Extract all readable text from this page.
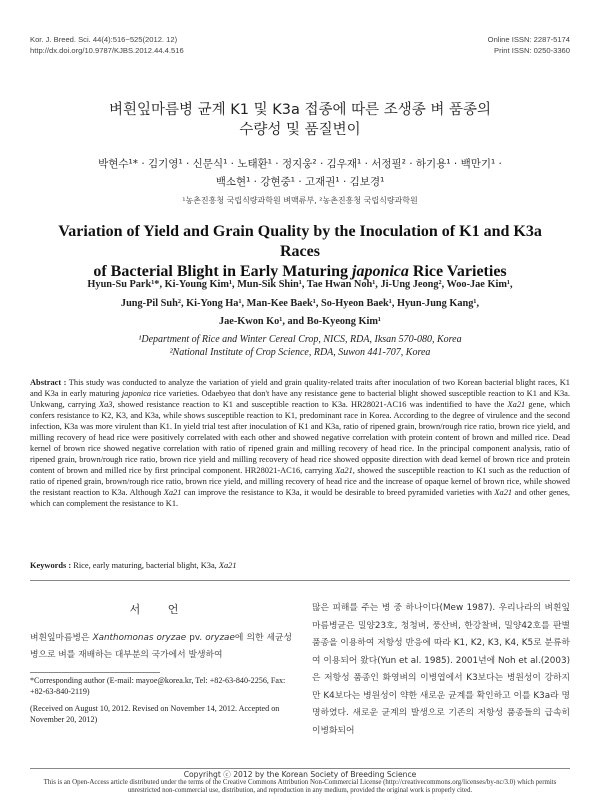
Kor. J. Breed. Sci. 44(4):516~525(2012. 12)
http://dx.doi.org/10.9787/KJBS.2012.44.4.516
Online ISSN: 2287-5174
Print ISSN: 0250-3360
벼흰잎마름병 균계 K1 및 K3a 접종에 따른 조생종 벼 품종의
수량성 및 품질변이
박현수¹* · 김기영¹ · 신문식¹ · 노태환¹ · 정지웅² · 김우재¹ · 서정필² · 하기용¹ · 백만기¹ ·
백소현¹ · 강현중¹ · 고재권¹ · 김보경¹
¹농촌진흥청 국립식량과학원 벼맥류부, ²농촌진흥청 국립식량과학원
Variation of Yield and Grain Quality by the Inoculation of K1 and K3a Races
of Bacterial Blight in Early Maturing japonica Rice Varieties
Hyun-Su Park¹*, Ki-Young Kim¹, Mun-Sik Shin¹, Tae Hwan Noh¹, Ji-Ung Jeong², Woo-Jae Kim¹,
Jung-Pil Suh², Ki-Yong Ha¹, Man-Kee Baek¹, So-Hyeon Baek¹, Hyun-Jung Kang¹,
Jae-Kwon Ko¹, and Bo-Kyeong Kim¹
¹Department of Rice and Winter Cereal Crop, NICS, RDA, Iksan 570-080, Korea
²National Institute of Crop Science, RDA, Suwon 441-707, Korea
Abstract : This study was conducted to analyze the variation of yield and grain quality-related traits after inoculation of two Korean bacterial blight races, K1 and K3a in early maturing japonica rice varieties. Odaebyeo that don't have any resistance gene to bacterial blight showed susceptible reaction to K1 and K3a. Unkwang, carrying Xa3, showed resistance reaction to K1 and susceptible reaction to K3a. HR28021-AC16 was indentified to have the Xa21 gene, which confers resistance to K2, K3, and K3a, while shows susceptible reaction to K1, predominant race in Korea. According to the degree of virulence and the second infection, K3a was more virulent than K1. In yield trial test after inoculation of K1 and K3a, ratio of ripened grain, brown/rough rice ratio, brown rice yield, and milling recovery of head rice were positively correlated with each other and showed negative correlation with protein content of brown and milled rice. Dead kernel of brown rice showed negative correlation with ratio of ripened grain and milling recovery of head rice. In the principal component analysis, ratio of ripened grain, brown/rough rice ratio, brown rice yield and milling recovery of head rice showed opposite direction with dead kernel of brown rice and protein content of brown and milled rice by first principal component. HR28021-AC16, carrying Xa21, showed the susceptible reaction to K1 such as the reduction of ratio of ripened grain, brown/rough rice ratio, brown rice yield, and milling recovery of head rice and the increase of opaque kernel of brown rice, while showed the resistant reaction to K3a. Although Xa21 can improve the resistance to K3a, it would be desirable to breed pyramided varieties with Xa21 and other genes, which can complement the resistance to K1.
Keywords : Rice, early maturing, bacterial blight, K3a, Xa21
서 언
벼흰잎마름병은 Xanthomonas oryzae pv. oryzae에 의한 세균성 병으로 벼를 재배하는 대부분의 국가에서 발생하여
*Corresponding author (E-mail: mayoe@korea.kr, Tel: +82-63-840-2256, Fax: +82-63-840-2119)
(Received on August 10, 2012. Revised on November 14, 2012. Accepted on November 20, 2012)
많은 피해를 주는 병 중 하나이다(Mew 1987). 우리나라의 벼흰잎마름병균은 밀양23호, 청청벼, 풍산벼, 한강찰벼, 밀양42호를 판별품종을 이용하여 저항성 반응에 따라 K1, K2, K3, K4, K5로 분류하여 이용되어 왔다(Yun et al. 1985). 2001년에 Noh et al.(2003)은 저항성 품종인 화영벼의 이병엽에서 K3보다는 병원성이 강하지만 K4보다는 병원성이 약한 새로운 균계를 확인하고 이를 K3a라 명명하였다. 새로운 균계의 발생으로 기존의 저항성 품종들의 급속히 이병화되어
Copyrihgt ⓒ 2012 by the Korean Society of Breeding Science
This is an Open-Access article distributed under the terms of the Creative Commons Attribution Non-Commercial License (http://creativecommons.org/licenses/by-nc/3.0) which permits unrestricted non-commercial use, distribution, and reproduction in any medium, provided the original work is properly cited.
